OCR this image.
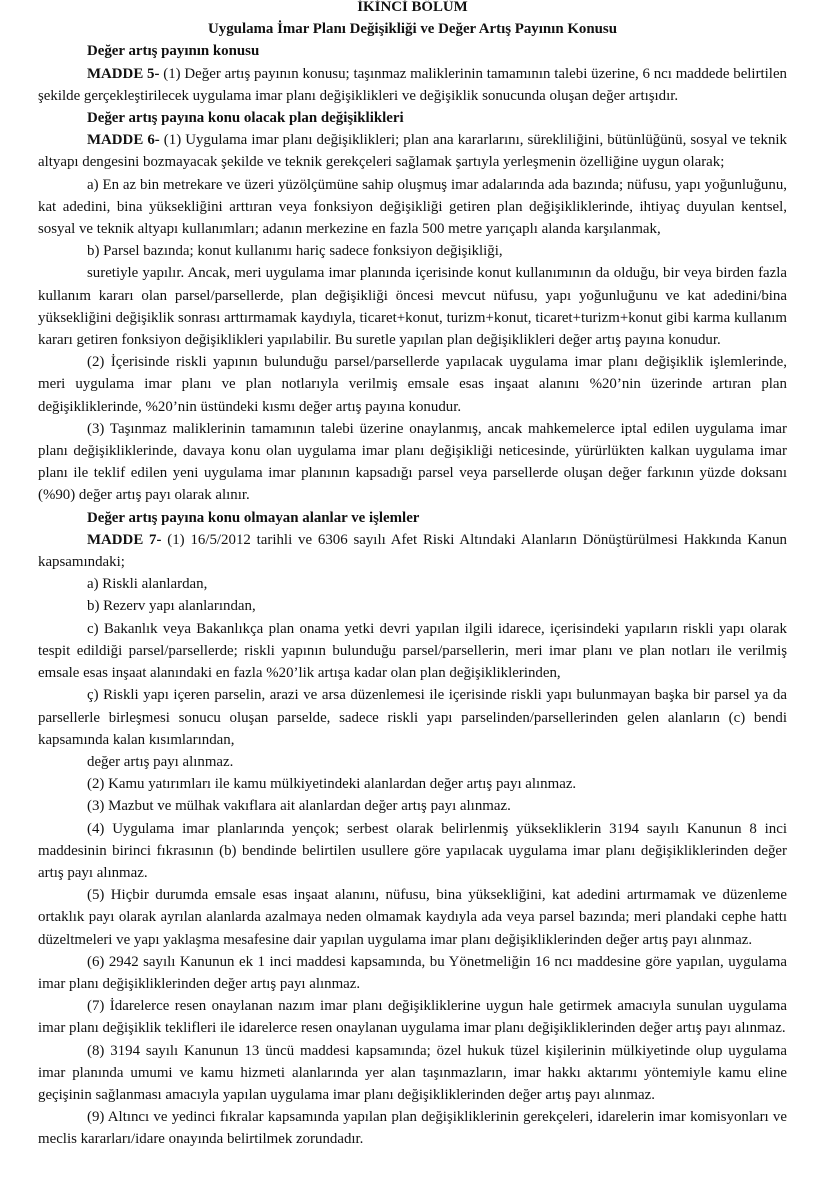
İKİNCİ BÖLÜM
Uygulama İmar Planı Değişikliği ve Değer Artış Payının Konusu
Değer artış payının konusu

MADDE 5- (1) Değer artış payının konusu; taşınmaz maliklerinin tamamının talebi üzerine, 6 ncı maddede belirtilen şekilde gerçekleştirilecek uygulama imar planı değişiklikleri ve değişiklik sonucunda oluşan değer artışıdır.

Değer artış payına konu olacak plan değişiklikleri

MADDE 6- (1) Uygulama imar planı değişiklikleri; plan ana kararlarını, sürekliliğini, bütünlüğünü, sosyal ve teknik altyapı dengesini bozmayacak şekilde ve teknik gerekçeleri sağlamak şartıyla yerleşmenin özelliğine uygun olarak;

a) En az bin metrekare ve üzeri yüzölçümüne sahip oluşmuş imar adalarında ada bazında; nüfusu, yapı yoğunluğunu, kat adedini, bina yüksekliğini arttıran veya fonksiyon değişikliği getiren plan değişikliklerinde, ihtiyaç duyulan kentsel, sosyal ve teknik altyapı kullanımları; adanın merkezine en fazla 500 metre yarıçaplı alanda karşılanmak,

b) Parsel bazında; konut kullanımı hariç sadece fonksiyon değişikliği,

suretiyle yapılır. Ancak, meri uygulama imar planında içerisinde konut kullanımının da olduğu, bir veya birden fazla kullanım kararı olan parsel/parsellerde, plan değişikliği öncesi mevcut nüfusu, yapı yoğunluğunu ve kat adedini/bina yüksekliğini değişiklik sonrası arttırmamak kaydıyla, ticaret+konut, turizm+konut, ticaret+turizm+konut gibi karma kullanım kararı getiren fonksiyon değişiklikleri yapılabilir. Bu suretle yapılan plan değişiklikleri değer artış payına konudur.

(2) İçerisinde riskli yapının bulunduğu parsel/parsellerde yapılacak uygulama imar planı değişiklik işlemlerinde, meri uygulama imar planı ve plan notlarıyla verilmiş emsale esas inşaat alanını %20’nin üzerinde artıran plan değişikliklerinde, %20’nin üstündeki kısmı değer artış payına konudur.

(3) Taşınmaz maliklerinin tamamının talebi üzerine onaylanmış, ancak mahkemelerce iptal edilen uygulama imar planı değişikliklerinde, davaya konu olan uygulama imar planı değişikliği neticesinde, yürürlükten kalkan uygulama imar planı ile teklif edilen yeni uygulama imar planının kapsadığı parsel veya parsellerde oluşan değer farkının yüzde doksanı (%90) değer artış payı olarak alınır.

Değer artış payına konu olmayan alanlar ve işlemler

MADDE 7- (1) 16/5/2012 tarihli ve 6306 sayılı Afet Riski Altındaki Alanların Dönüştürülmesi Hakkında Kanun kapsamındaki;

a) Riskli alanlardan,

b) Rezerv yapı alanlarından,

c) Bakanlık veya Bakanlıkça plan onama yetki devri yapılan ilgili idarece, içerisindeki yapıların riskli yapı olarak tespit edildiği parsel/parsellerde; riskli yapının bulunduğu parsel/parsellerin, meri imar planı ve plan notları ile verilmiş emsale esas inşaat alanındaki en fazla %20’lik artışa kadar olan plan değişikliklerinden,

ç) Riskli yapı içeren parselin, arazi ve arsa düzenlemesi ile içerisinde riskli yapı bulunmayan başka bir parsel ya da parsellerle birleşmesi sonucu oluşan parselde, sadece riskli yapı parselinden/parsellerinden gelen alanların (c) bendi kapsamında kalan kısımlarından,

değer artış payı alınmaz.

(2) Kamu yatırımları ile kamu mülkiyetindeki alanlardan değer artış payı alınmaz.

(3) Mazbut ve mülhak vakıflara ait alanlardan değer artış payı alınmaz.

(4) Uygulama imar planlarında yençok; serbest olarak belirlenmiş yüksekliklerin 3194 sayılı Kanunun 8 inci maddesinin birinci fıkrasının (b) bendinde belirtilen usullere göre yapılacak uygulama imar planı değişikliklerinden değer artış payı alınmaz.

(5) Hiçbir durumda emsale esas inşaat alanını, nüfusu, bina yüksekliğini, kat adedini artırmamak ve düzenleme ortaklık payı olarak ayrılan alanlarda azalmaya neden olmamak kaydıyla ada veya parsel bazında; meri plandaki cephe hattı düzeltmeleri ve yapı yaklaşma mesafesine dair yapılan uygulama imar planı değişikliklerinden değer artış payı alınmaz.

(6) 2942 sayılı Kanunun ek 1 inci maddesi kapsamında, bu Yönetmeliğin 16 ncı maddesine göre yapılan, uygulama imar planı değişikliklerinden değer artış payı alınmaz.

(7) İdarelerce resen onaylanan nazım imar planı değişikliklerine uygun hale getirmek amacıyla sunulan uygulama imar planı değişiklik teklifleri ile idarelerce resen onaylanan uygulama imar planı değişikliklerinden değer artış payı alınmaz.

(8) 3194 sayılı Kanunun 13 üncü maddesi kapsamında; özel hukuk tüzel kişilerinin mülkiyetinde olup uygulama imar planında umumi ve kamu hizmeti alanlarında yer alan taşınmazların, imar hakkı aktarımı yöntemiyle kamu eline geçişinin sağlanması amacıyla yapılan uygulama imar planı değişikliklerinden değer artış payı alınmaz.

(9) Altıncı ve yedinci fıkralar kapsamında yapılan plan değişikliklerinin gerekçeleri, idarelerin imar komisyonları ve meclis kararları/idare onayında belirtilmek zorundadır.
